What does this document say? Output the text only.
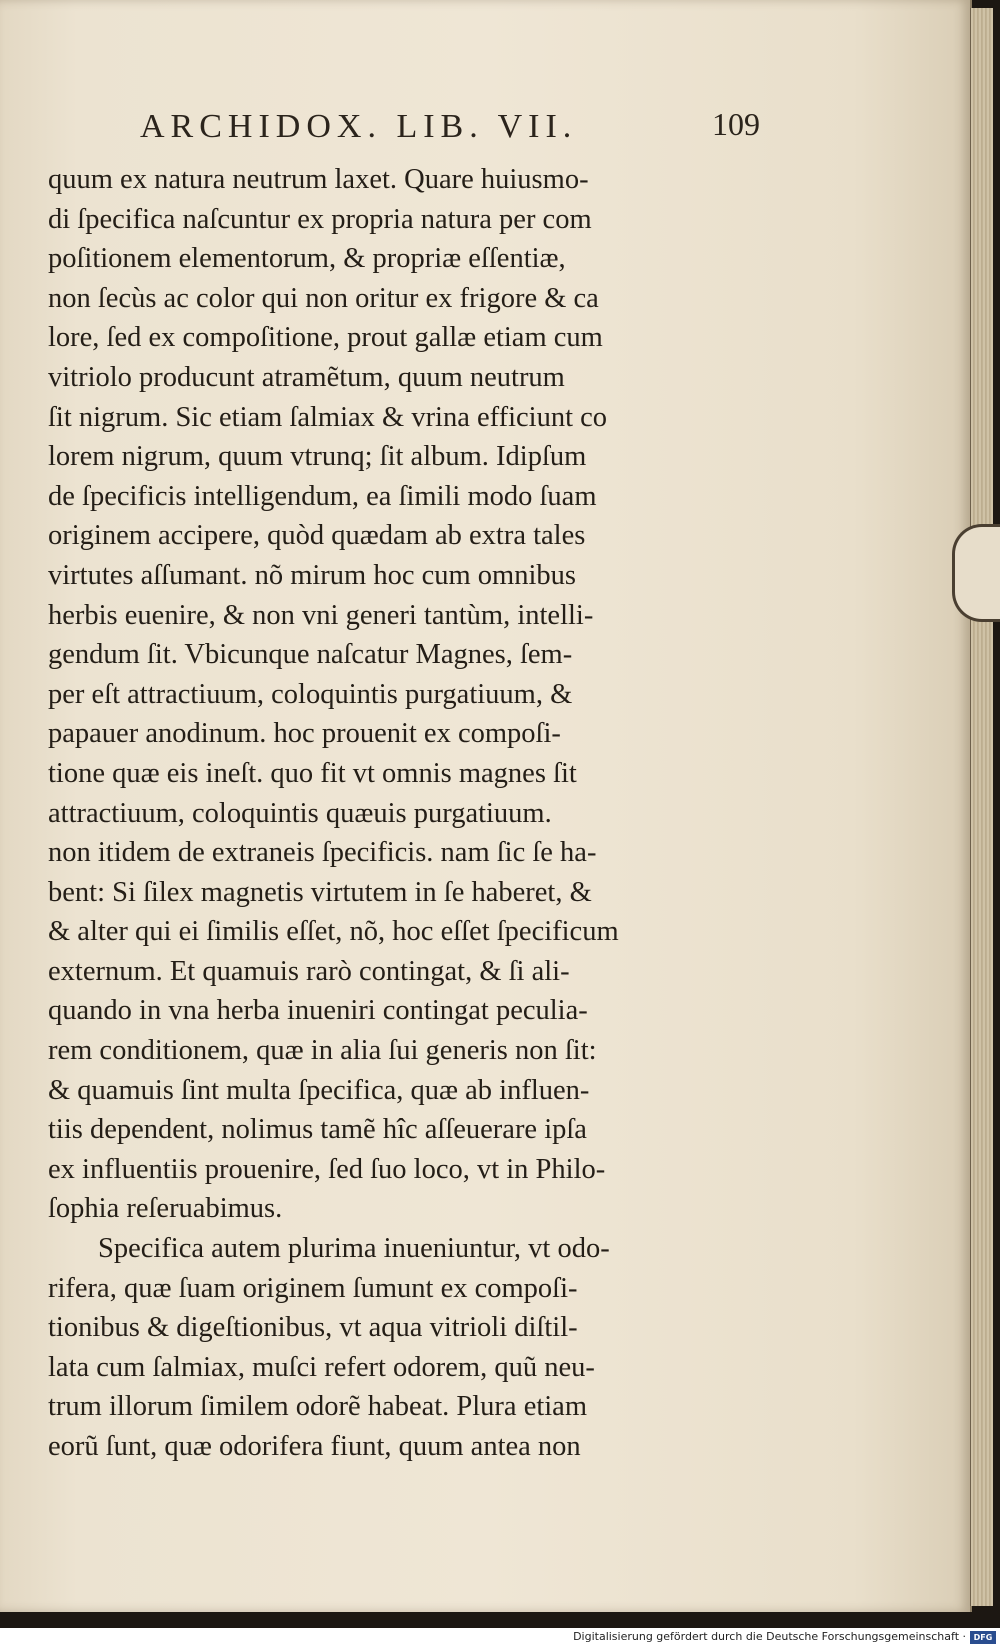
ARCHIDOX. LIB. VII.	109
quum ex natura neutrum laxet. Quare huiusmo-
di ſpecifica naſcuntur ex propria natura per com
poſitionem elementorum, & propriæ eſſentiæ,
non ſecùs ac color qui non oritur ex frigore & ca
lore, ſed ex compoſitione, prout gallæ etiam cum
vitriolo producunt atramẽtum, quum neutrum
ſit nigrum. Sic etiam ſalmiax & vrina efficiunt co
lorem nigrum, quum vtrunq; ſit album. Idipſum
de ſpecificis intelligendum, ea ſimili modo ſuam
originem accipere, quòd quædam ab extra tales
virtutes aſſumant. nõ mirum hoc cum omnibus
herbis euenire, & non vni generi tantùm, intelli-
gendum ſit. Vbicunque naſcatur Magnes, ſem-
per eſt attractiuum, coloquintis purgatiuum, &
papauer anodinum. hoc prouenit ex compoſi-
tione quæ eis ineſt. quo fit vt omnis magnes ſit
attractiuum, coloquintis quæuis purgatiuum.
non itidem de extraneis ſpecificis. nam ſic ſe ha-
bent: Si ſilex magnetis virtutem in ſe haberet, &
& alter qui ei ſimilis eſſet, nõ, hoc eſſet ſpecificum
externum. Et quamuis rarò contingat, & ſi ali-
quando in vna herba inueniri contingat peculia-
rem conditionem, quæ in alia ſui generis non ſit:
& quamuis ſint multa ſpecifica, quæ ab influen-
tiis dependent, nolimus tamẽ hîc aſſeuerare ipſa
ex influentiis prouenire, ſed ſuo loco, vt in Philo-
ſophia reſeruabimus.
Specifica autem plurima inueniuntur, vt odo-
rifera, quæ ſuam originem ſumunt ex compoſi-
tionibus & digeſtionibus, vt aqua vitrioli diſtil-
lata cum ſalmiax, muſci refert odorem, quũ neu-
trum illorum ſimilem odorẽ habeat. Plura etiam
eorũ ſunt, quæ odorifera fiunt, quum antea non
Digitalisierung gefördert durch die Deutsche Forschungsgemeinschaft · DFG
